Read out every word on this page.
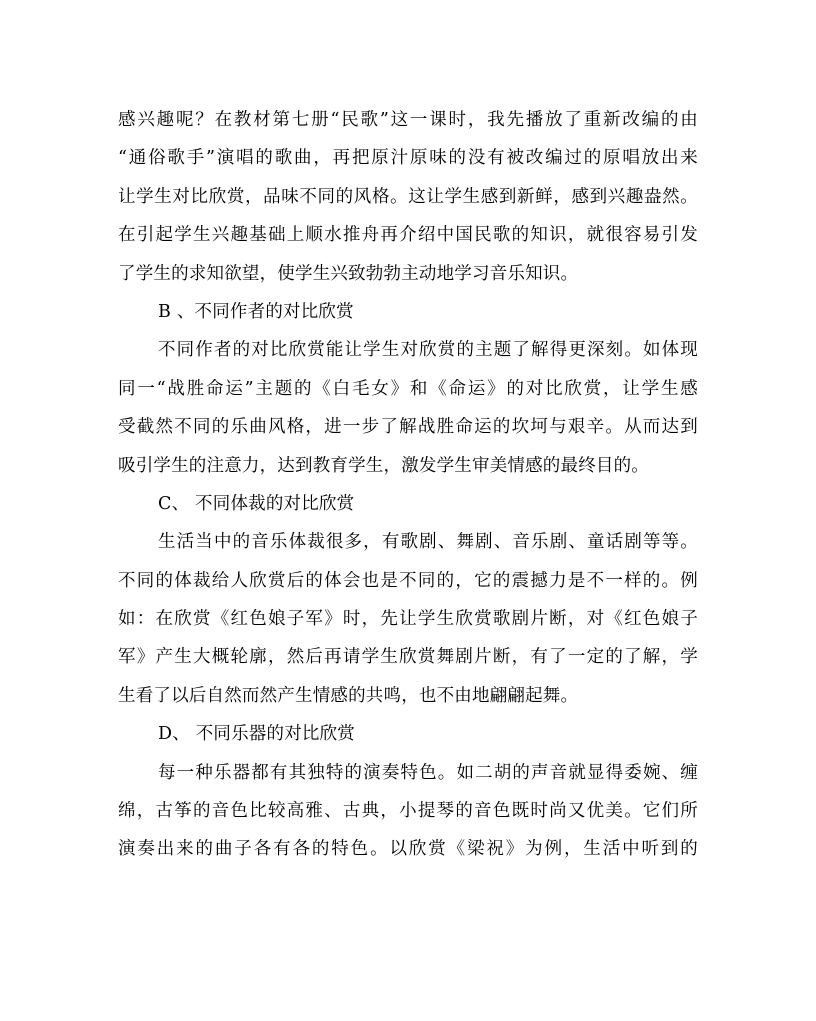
感兴趣呢？在教材第七册“民歌”这一课时，我先播放了重新改编的由
“通俗歌手”演唱的歌曲，再把原汁原味的没有被改编过的原唱放出来
让学生对比欣赏，品味不同的风格。这让学生感到新鲜，感到兴趣盎然。
在引起学生兴趣基础上顺水推舟再介绍中国民歌的知识，就很容易引发
了学生的求知欲望，使学生兴致勃勃主动地学习音乐知识。
B 、不同作者的对比欣赏
不同作者的对比欣赏能让学生对欣赏的主题了解得更深刻。如体现
同一“战胜命运”主题的《白毛女》和《命运》的对比欣赏，让学生感
受截然不同的乐曲风格，进一步了解战胜命运的坎坷与艰辛。从而达到
吸引学生的注意力，达到教育学生，激发学生审美情感的最终目的。
C、 不同体裁的对比欣赏
生活当中的音乐体裁很多，有歌剧、舞剧、音乐剧、童话剧等等。
不同的体裁给人欣赏后的体会也是不同的，它的震撼力是不一样的。例
如：在欣赏《红色娘子军》时，先让学生欣赏歌剧片断，对《红色娘子
军》产生大概轮廓，然后再请学生欣赏舞剧片断，有了一定的了解，学
生看了以后自然而然产生情感的共鸣，也不由地翩翩起舞。
D、 不同乐器的对比欣赏
每一种乐器都有其独特的演奏特色。如二胡的声音就显得委婉、缠
绵，古筝的音色比较高雅、古典，小提琴的音色既时尚又优美。它们所
演奏出来的曲子各有各的特色。以欣赏《梁祝》为例，生活中听到的
